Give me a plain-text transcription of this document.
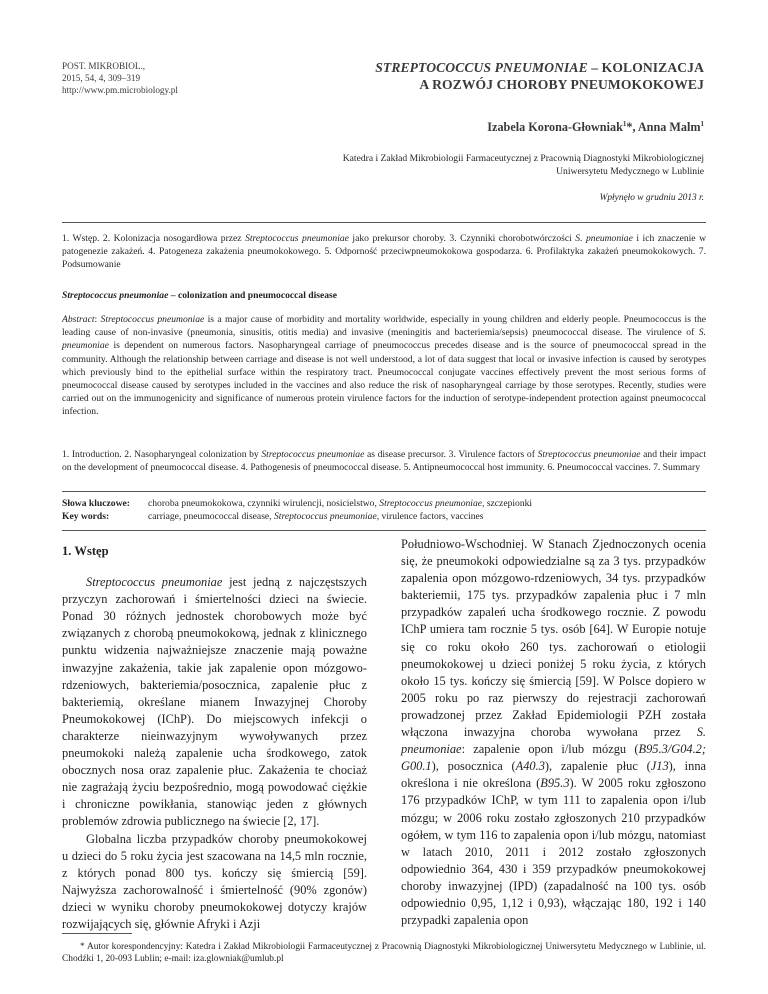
POST. MIKROBIOL.,
2015, 54, 4, 309–319
http://www.pm.microbiology.pl
STREPTOCOCCUS PNEUMONIAE – KOLONIZACJA
A ROZWÓJ CHOROBY PNEUMOKOKOWEJ
Izabela Korona-Głowniak$^1$*, Anna Malm$^1$
Katedra i Zakład Mikrobiologii Farmaceutycznej z Pracownią Diagnostyki Mikrobiologicznej
Uniwersytetu Medycznego w Lublinie
Wpłynęło w grudniu 2013 r.
1. Wstęp. 2. Kolonizacja nosogardłowa przez Streptococcus pneumoniae jako prekursor choroby. 3. Czynniki chorobotwórczości S. pneumoniae i ich znaczenie w patogenezie zakażeń. 4. Patogeneza zakażenia pneumokokowego. 5. Odporność przeciwpneumokokowa gospodarza. 6. Profilaktyka zakażeń pneumokokowych. 7. Podsumowanie
Streptococcus pneumoniae – colonization and pneumococcal disease
Abstract: Streptococcus pneumoniae is a major cause of morbidity and mortality worldwide, especially in young children and elderly people. Pneumococcus is the leading cause of non-invasive (pneumonia, sinusitis, otitis media) and invasive (meningitis and bacteriemia/sepsis) pneumococcal disease. The virulence of S. pneumoniae is dependent on numerous factors. Nasopharyngeal carriage of pneumococcus precedes disease and is the source of pneumococcal spread in the community. Although the relationship between carriage and disease is not well understood, a lot of data suggest that local or invasive infection is caused by serotypes which previously bind to the epithelial surface within the respiratory tract. Pneumococcal conjugate vaccines effectively prevent the most serious forms of pneumococcal disease caused by serotypes included in the vaccines and also reduce the risk of nasopharyngeal carriage by those serotypes. Recently, studies were carried out on the immunogenicity and significance of numerous protein virulence factors for the induction of serotype-independent protection against pneumococcal infection.
1. Introduction. 2. Nasopharyngeal colonization by Streptococcus pneumoniae as disease precursor. 3. Virulence factors of Streptococcus pneumoniae and their impact on the development of pneumococcal disease. 4. Pathogenesis of pneumococcal disease. 5. Antipneumococcal host immunity. 6. Pneumococcal vaccines. 7. Summary
Słowa kluczowe: choroba pneumokokowa, czynniki wirulencji, nosicielstwo, Streptococcus pneumoniae, szczepionki
Key words:	carriage, pneumococcal disease, Streptococcus pneumoniae, virulence factors, vaccines
1. Wstęp

Streptococcus pneumoniae jest jedną z najczęstszych przyczyn zachorowań i śmiertelności dzieci na świecie. Ponad 30 różnych jednostek chorobowych może być związanych z chorobą pneumokokową, jednak z klinicznego punktu widzenia najważniejsze znaczenie mają poważne inwazyjne zakażenia, takie jak zapalenie opon mózgowo-rdzeniowych, bakteriemia/posocznica, zapalenie płuc z bakteriemią, określane mianem Inwazyjnej Choroby Pneumokokowej (IChP). Do miejscowych infekcji o charakterze nieinwazyjnym wywoływanych przez pneumokoki należą zapalenie ucha środkowego, zatok obocznych nosa oraz zapalenie płuc. Zakażenia te chociaż nie zagrażają życiu bezpośrednio, mogą powodować ciężkie i chroniczne powikłania, stanowiąc jeden z głównych problemów zdrowia publicznego na świecie [2, 17].

Globalna liczba przypadków choroby pneumokokowej u dzieci do 5 roku życia jest szacowana na 14,5 mln rocznie, z których ponad 800 tys. kończy się śmiercią [59]. Najwyższa zachorowalność i śmiertelność (90% zgonów) dzieci w wyniku choroby pneumokokowej dotyczy krajów rozwijających się, głównie Afryki i Azji

Południowo-Wschodniej. W Stanach Zjednoczonych ocenia się, że pneumokoki odpowiedzialne są za 3 tys. przypadków zapalenia opon mózgowo-rdzeniowych, 34 tys. przypadków bakteriemii, 175 tys. przypadków zapalenia płuc i 7 mln przypadków zapaleń ucha środkowego rocznie. Z powodu IChP umiera tam rocznie 5 tys. osób [64]. W Europie notuje się co roku około 260 tys. zachorowań o etiologii pneumokokowej u dzieci poniżej 5 roku życia, z których około 15 tys. kończy się śmiercią [59]. W Polsce dopiero w 2005 roku po raz pierwszy do rejestracji zachorowań prowadzonej przez Zakład Epidemiologii PZH została włączona inwazyjna choroba wywołana przez S. pneumoniae: zapalenie opon i/lub mózgu (B95.3/G04.2; G00.1), posocznica (A40.3), zapalenie płuc (J13), inna określona i nie określona (B95.3). W 2005 roku zgłoszono 176 przypadków IChP, w tym 111 to zapalenia opon i/lub mózgu; w 2006 roku zostało zgłoszonych 210 przypadków ogółem, w tym 116 to zapalenia opon i/lub mózgu, natomiast w latach 2010, 2011 i 2012 zostało zgłoszonych odpowiednio 364, 430 i 359 przypadków pneumokokowej choroby inwazyjnej (IPD) (zapadalność na 100 tys. osób odpowiednio 0,95, 1,12 i 0,93), włączając 180, 192 i 140 przypadki zapalenia opon

* Autor korespondencyjny: Katedra i Zakład Mikrobiologii Farmaceutycznej z Pracownią Diagnostyki Mikrobiologicznej Uniwersytetu Medycznego w Lublinie, ul. Chodźki 1, 20-093 Lublin; e-mail: iza.glowniak@umlub.pl
